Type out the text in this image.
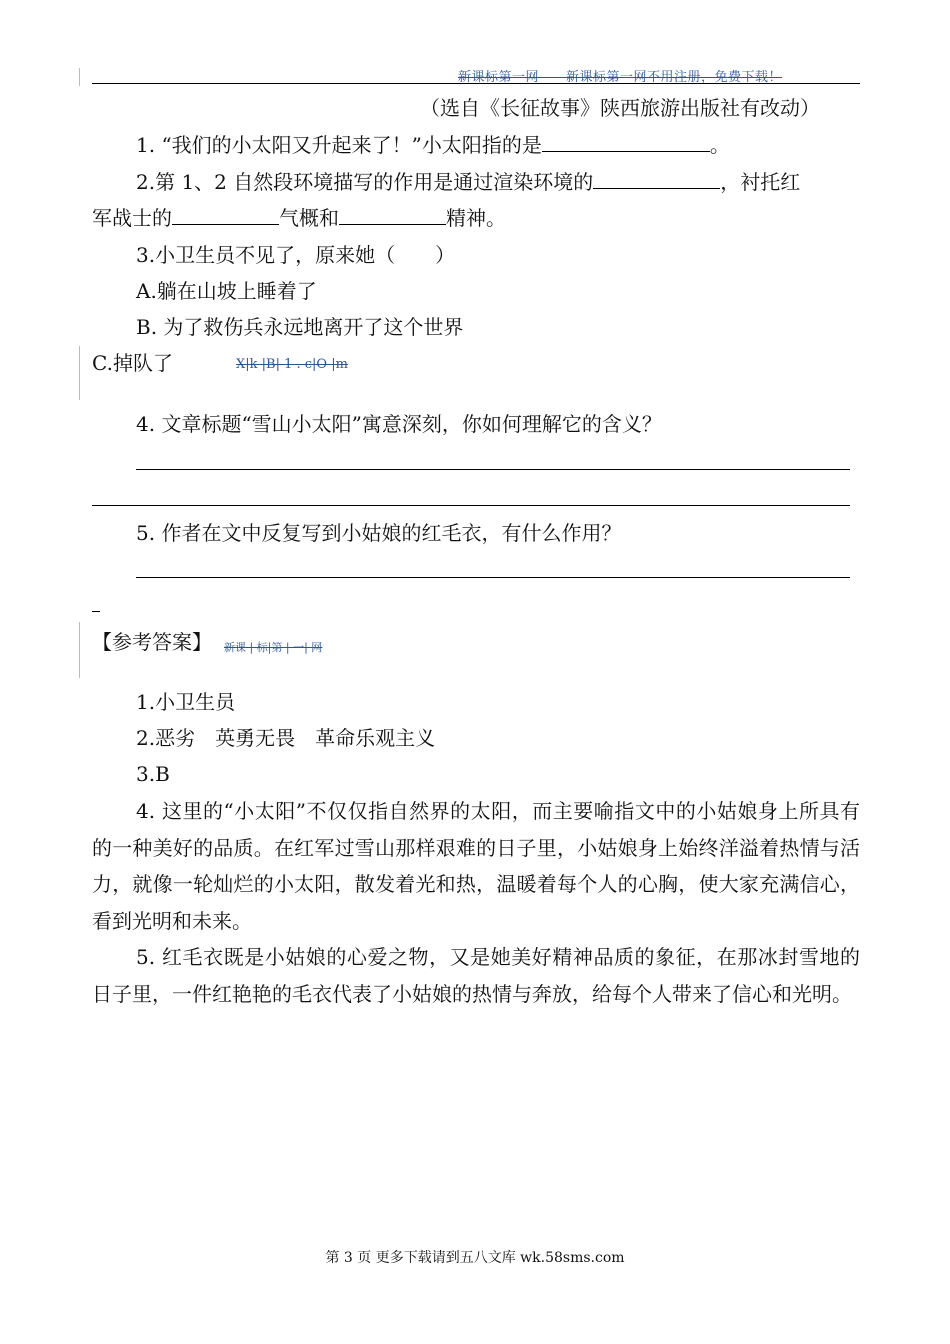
新课标第一网——新课标第一网不用注册，免费下载！
（选自《长征故事》陕西旅游出版社有改动）
1. “我们的小太阳又升起来了！”小太阳指的是	。
2.第 1、2 自然段环境描写的作用是通过渲染环境的	，衬托红
军战士的	气概和	精神。
3.小卫生员不见了，原来她（　　）
A.躺在山坡上睡着了
B. 为了救伤兵永远地离开了这个世界
C.掉队了	X|k |B| 1 . c|O |m
4. 文章标题“雪山小太阳”寓意深刻，你如何理解它的含义？
5. 作者在文中反复写到小姑娘的红毛衣，有什么作用？
【参考答案】 新课 | 标|第 | 一| 网
1.小卫生员
2.恶劣　英勇无畏　革命乐观主义
3.B
4. 这里的“小太阳”不仅仅指自然界的太阳，而主要喻指文中的小姑娘身上所具有的一种美好的品质。在红军过雪山那样艰难的日子里，小姑娘身上始终洋溢着热情与活力，就像一轮灿烂的小太阳，散发着光和热，温暖着每个人的心胸，使大家充满信心，看到光明和未来。
5. 红毛衣既是小姑娘的心爱之物，又是她美好精神品质的象征，在那冰封雪地的日子里，一件红艳艳的毛衣代表了小姑娘的热情与奔放，给每个人带来了信心和光明。
第 3 页 更多下载请到五八文库 wk.58sms.com
